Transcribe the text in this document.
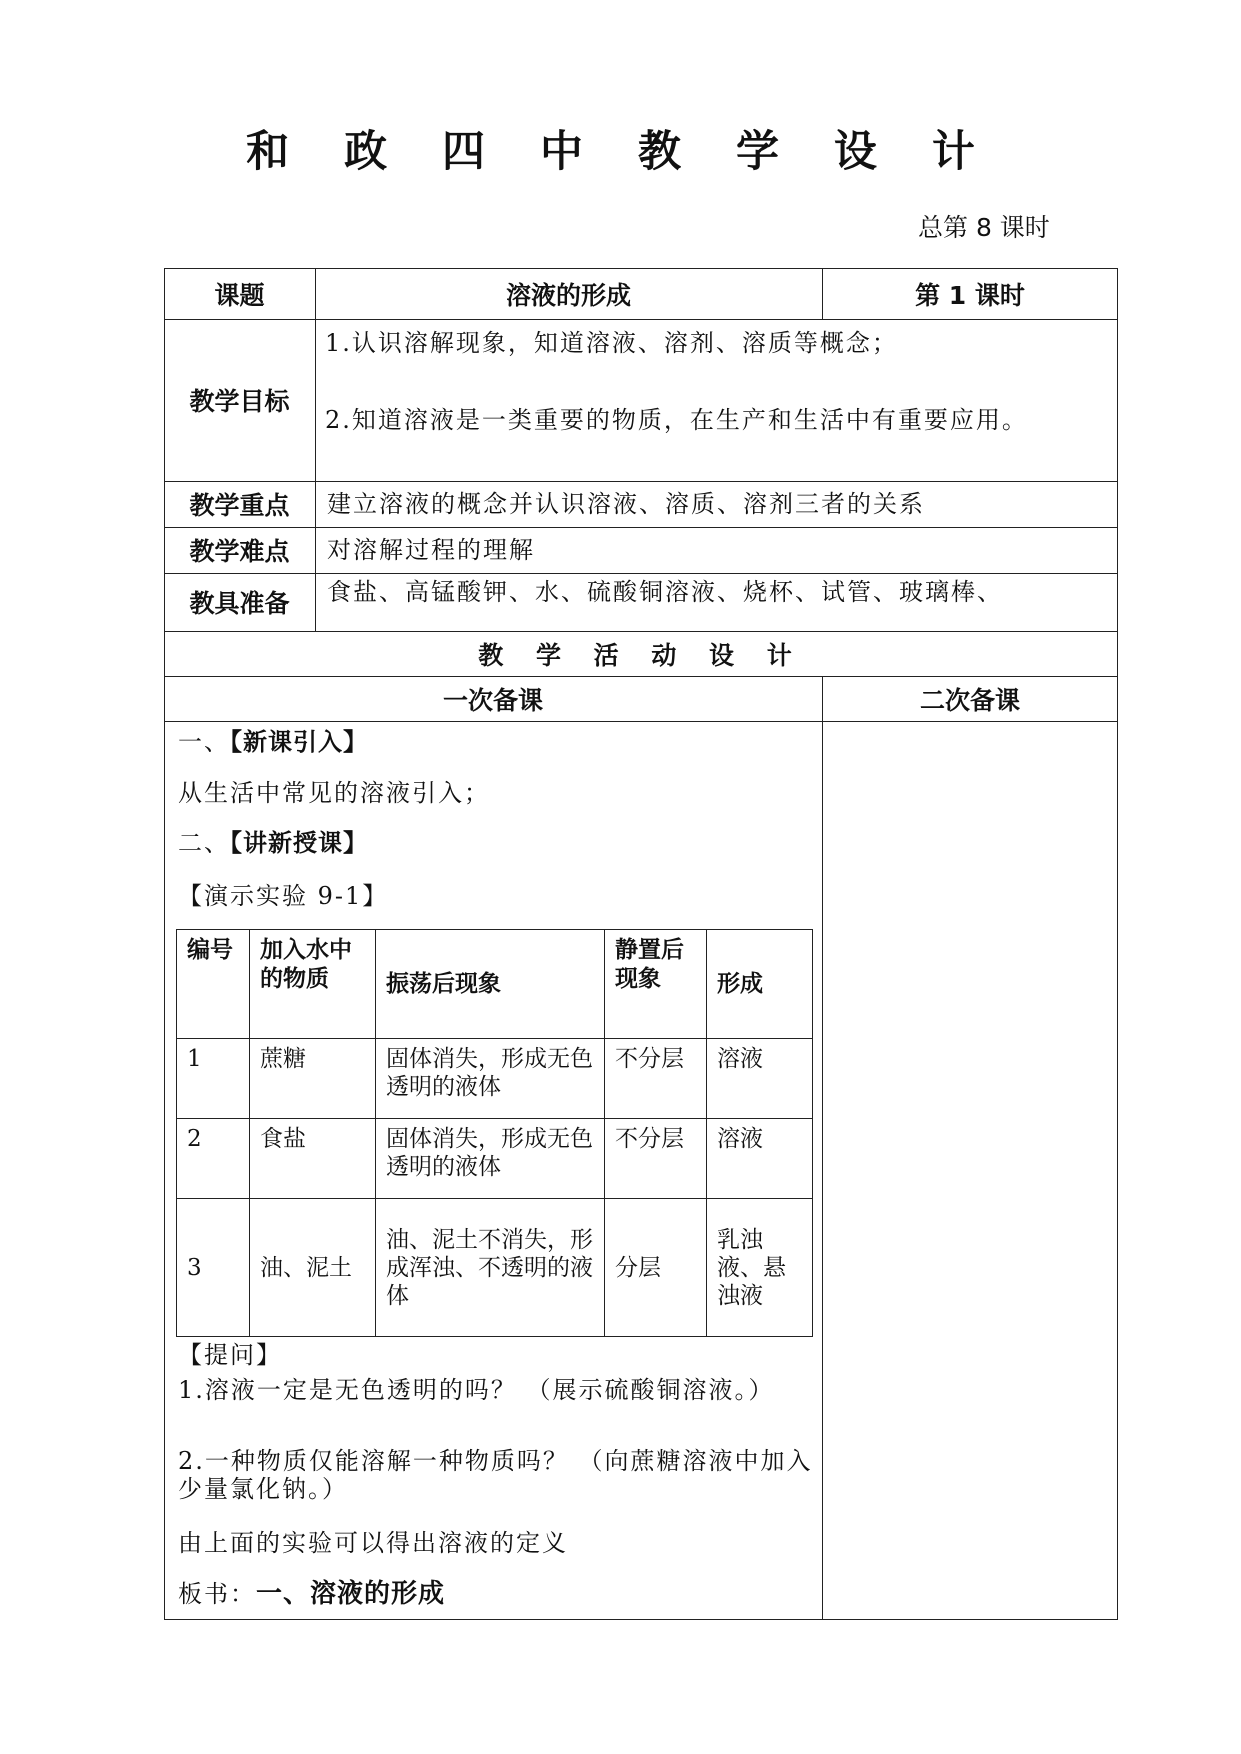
和 政 四 中 教 学 设 计
总第 8 课时
课题	溶液的形成	第 1 课时
教学目标
1.认识溶解现象，知道溶液、溶剂、溶质等概念；
2.知道溶液是一类重要的物质，在生产和生活中有重要应用。
教学重点	建立溶液的概念并认识溶液、溶质、溶剂三者的关系
教学难点	对溶解过程的理解
教具准备	食盐、高锰酸钾、水、硫酸铜溶液、烧杯、试管、玻璃棒、
教 学 活 动 设 计
一次备课	二次备课
一、【新课引入】
从生活中常见的溶液引入；
二、【讲新授课】
【演示实验 9-1】
编号	加入水中的物质	振荡后现象	静置后现象	形成
1	蔗糖	固体消失，形成无色透明的液体	不分层	溶液
2	食盐	固体消失，形成无色透明的液体	不分层	溶液
3	油、泥土	油、泥土不消失，形成浑浊、不透明的液体	分层	乳浊液、悬浊液
【提问】
1.溶液一定是无色透明的吗？ （展示硫酸铜溶液。）
2.一种物质仅能溶解一种物质吗？ （向蔗糖溶液中加入少量氯化钠。）
由上面的实验可以得出溶液的定义
板书：一、溶液的形成
